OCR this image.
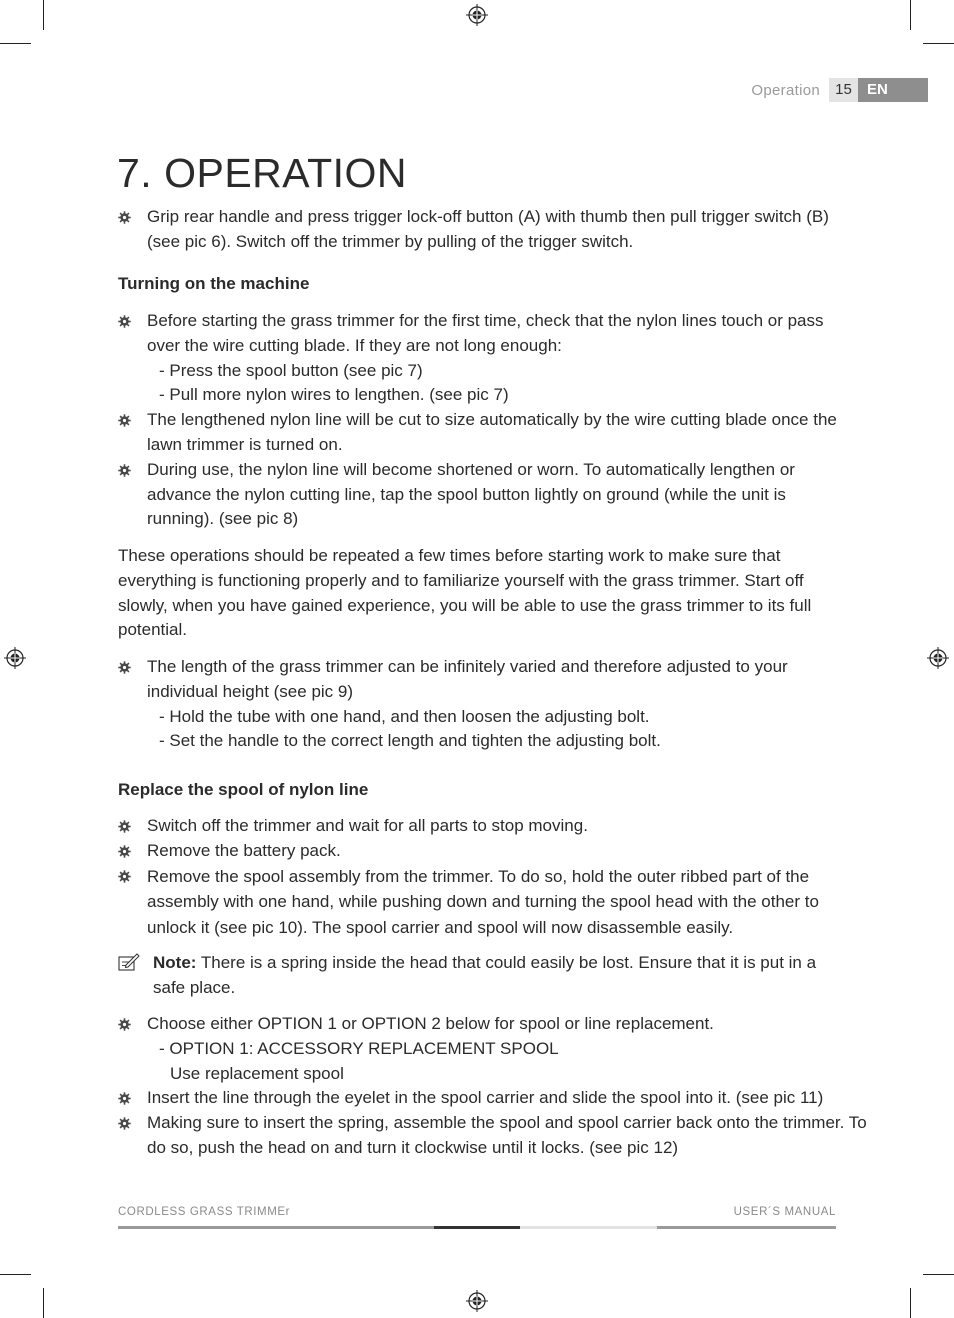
Operation	15	EN
7. OPERATION
Grip rear handle and press trigger lock-off button (A) with thumb then pull trigger switch (B) (see pic 6). Switch off the trimmer by pulling of the trigger switch.

Turning on the machine

Before starting the grass trimmer for the first time, check that the nylon lines touch or pass over the wire cutting blade. If they are not long enough:
- Press the spool button (see pic 7)
- Pull more nylon wires to lengthen. (see pic 7)
The lengthened nylon line will be cut to size automatically by the wire cutting blade once the lawn trimmer is turned on.
During use, the nylon line will become shortened or worn. To automatically lengthen or advance the nylon cutting line, tap the spool button lightly on ground (while the unit is running). (see pic 8)

These operations should be repeated a few times before starting work to make sure that everything is functioning properly and to familiarize yourself with the grass trimmer. Start off slowly, when you have gained experience, you will be able to use the grass trimmer to its full potential.

The length of the grass trimmer can be infinitely varied and therefore adjusted to your individual height (see pic 9)
- Hold the tube with one hand, and then loosen the adjusting bolt.
- Set the handle to the correct length and tighten the adjusting bolt.

Replace the spool of nylon line

Switch off the trimmer and wait for all parts to stop moving.
Remove the battery pack.
Remove the spool assembly from the trimmer. To do so, hold the outer ribbed part of the assembly with one hand, while pushing down and turning the spool head with the other to unlock it (see pic 10). The spool carrier and spool will now disassemble easily.
Note: There is a spring inside the head that could easily be lost. Ensure that it is put in a safe place.
Choose either OPTION 1 or OPTION 2 below for spool or line replacement.
- OPTION 1: ACCESSORY REPLACEMENT SPOOL
Use replacement spool
Insert the line through the eyelet in the spool carrier and slide the spool into it. (see pic 11)
Making sure to insert the spring, assemble the spool and spool carrier back onto the trimmer. To do so, push the head on and turn it clockwise until it locks. (see pic 12)
CORDLESS GRASS TRIMMEr	USER´S MANUAL
